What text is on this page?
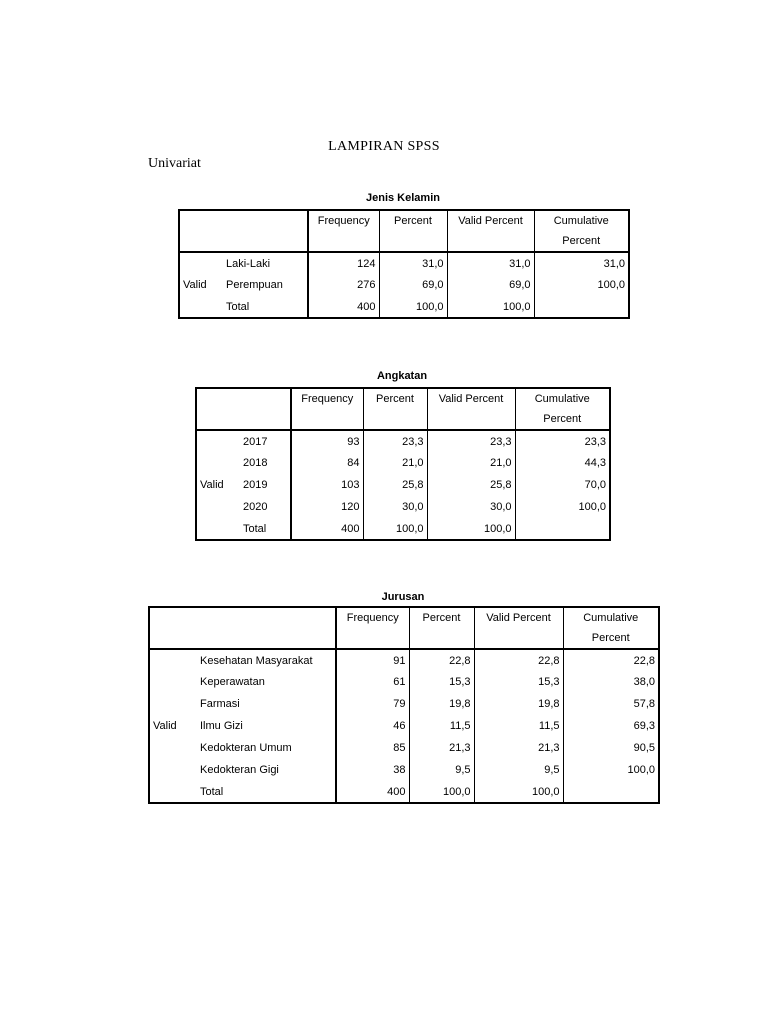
LAMPIRAN SPSS
Univariat
Jenis Kelamin
		Frequency	Percent	Valid Percent	Cumulative Percent
Valid	Laki-Laki	124	31,0	31,0	31,0
	Perempuan	276	69,0	69,0	100,0
	Total	400	100,0	100,0	
Angkatan
		Frequency	Percent	Valid Percent	Cumulative Percent
Valid	2017	93	23,3	23,3	23,3
	2018	84	21,0	21,0	44,3
	2019	103	25,8	25,8	70,0
	2020	120	30,0	30,0	100,0
	Total	400	100,0	100,0	
Jurusan
		Frequency	Percent	Valid Percent	Cumulative Percent
Valid	Kesehatan Masyarakat	91	22,8	22,8	22,8
	Keperawatan	61	15,3	15,3	38,0
	Farmasi	79	19,8	19,8	57,8
	Ilmu Gizi	46	11,5	11,5	69,3
	Kedokteran Umum	85	21,3	21,3	90,5
	Kedokteran Gigi	38	9,5	9,5	100,0
	Total	400	100,0	100,0	
